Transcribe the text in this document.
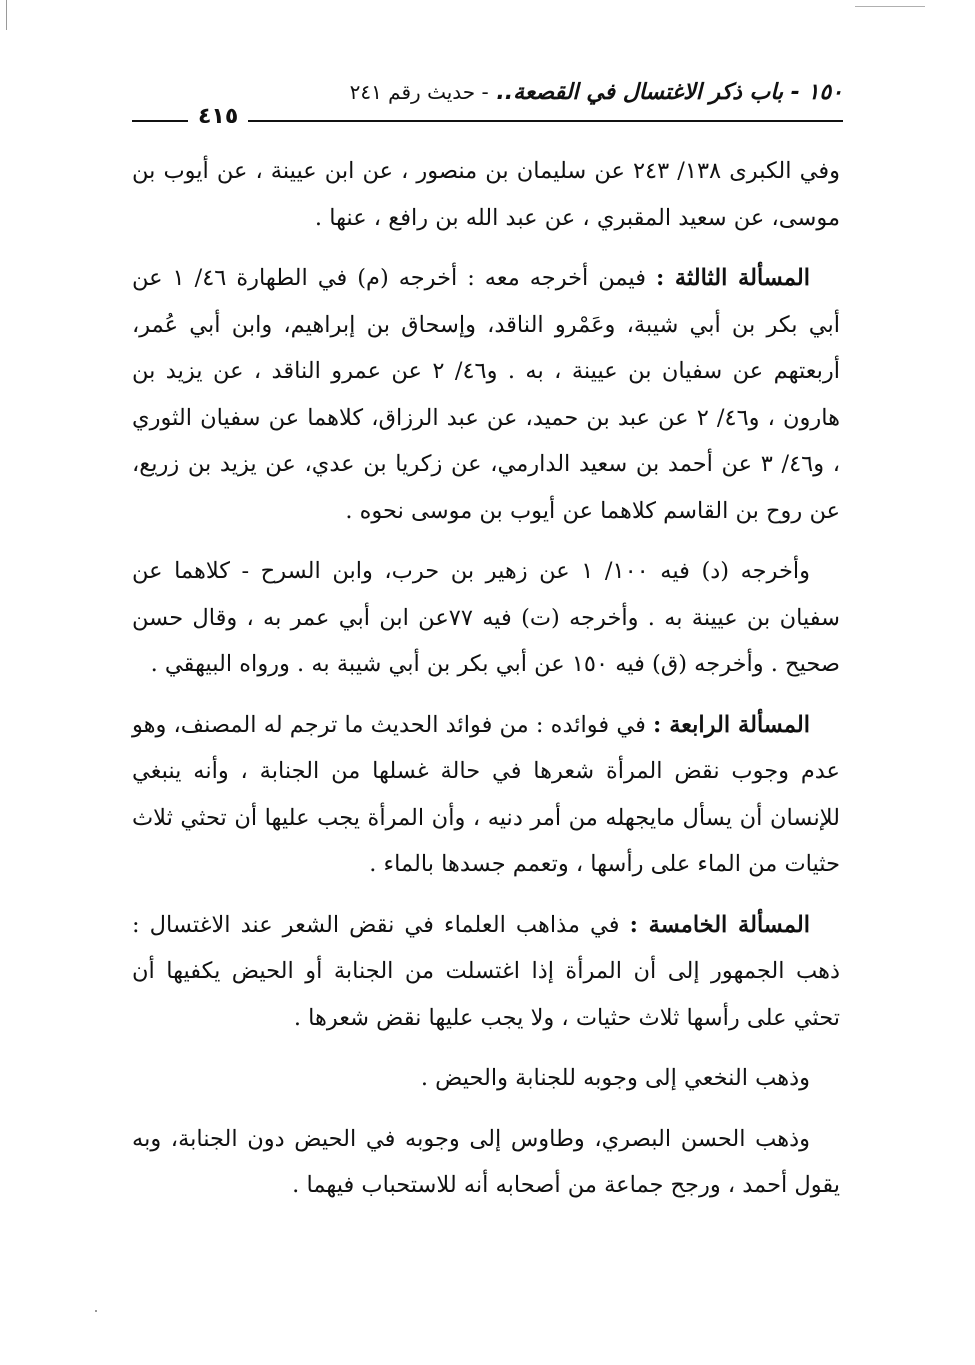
١٥٠ - باب ذكر الاغتسال في القصعة.. - حديث رقم ٢٤١
٤١٥

وفي الكبرى ١٣٨/ ٢٤٣ عن سليمان بن منصور ، عن ابن عيينة ، عن أيوب بن موسى، عن سعيد المقبري ، عن عبد الله بن رافع ، عنها .

المسألة الثالثة : فيمن أخرجه معه : أخرجه (م) في الطهارة ٤٦/ ١ عن أبي بكر بن أبي شيبة، وعَمْرو الناقد، وإسحاق بن إبراهيم، وابن أبي عُمر، أربعتهم عن سفيان بن عيينة ، به . و٤٦/ ٢ عن عمرو الناقد ، عن يزيد بن هارون ، و٤٦/ ٢ عن عبد بن حميد، عن عبد الرزاق، كلاهما عن سفيان الثوري ، و٤٦/ ٣ عن أحمد بن سعيد الدارمي، عن زكريا بن عدي، عن يزيد بن زريع، عن روح بن القاسم كلاهما عن أيوب بن موسى نحوه .

وأخرجه (د) فيه ١٠٠/ ١ عن زهير بن حرب، وابن السرح - كلاهما عن سفيان بن عيينة به . وأخرجه (ت) فيه ٧٧عن ابن أبي عمر به ، وقال حسن صحيح . وأخرجه (ق) فيه ١٥٠ عن أبي بكر بن أبي شيبة به . ورواه البيهقي .

المسألة الرابعة : في فوائده : من فوائد الحديث ما ترجم له المصنف، وهو عدم وجوب نقض المرأة شعرها في حالة غسلها من الجنابة ، وأنه ينبغي للإنسان أن يسأل مايجهله من أمر دنيه ، وأن المرأة يجب عليها أن تحثي ثلاث حثيات من الماء على رأسها ، وتعمم جسدها بالماء .

المسألة الخامسة : في مذاهب العلماء في نقض الشعر عند الاغتسال : ذهب الجمهور إلى أن المرأة إذا اغتسلت من الجنابة أو الحيض يكفيها أن تحثي على رأسها ثلاث حثيات ، ولا يجب عليها نقض شعرها .

وذهب النخعي إلى وجوبه للجنابة والحيض .

وذهب الحسن البصري، وطاوس إلى وجوبه في الحيض دون الجنابة، وبه يقول أحمد ، ورجح جماعة من أصحابه أنه للاستحباب فيهما .
